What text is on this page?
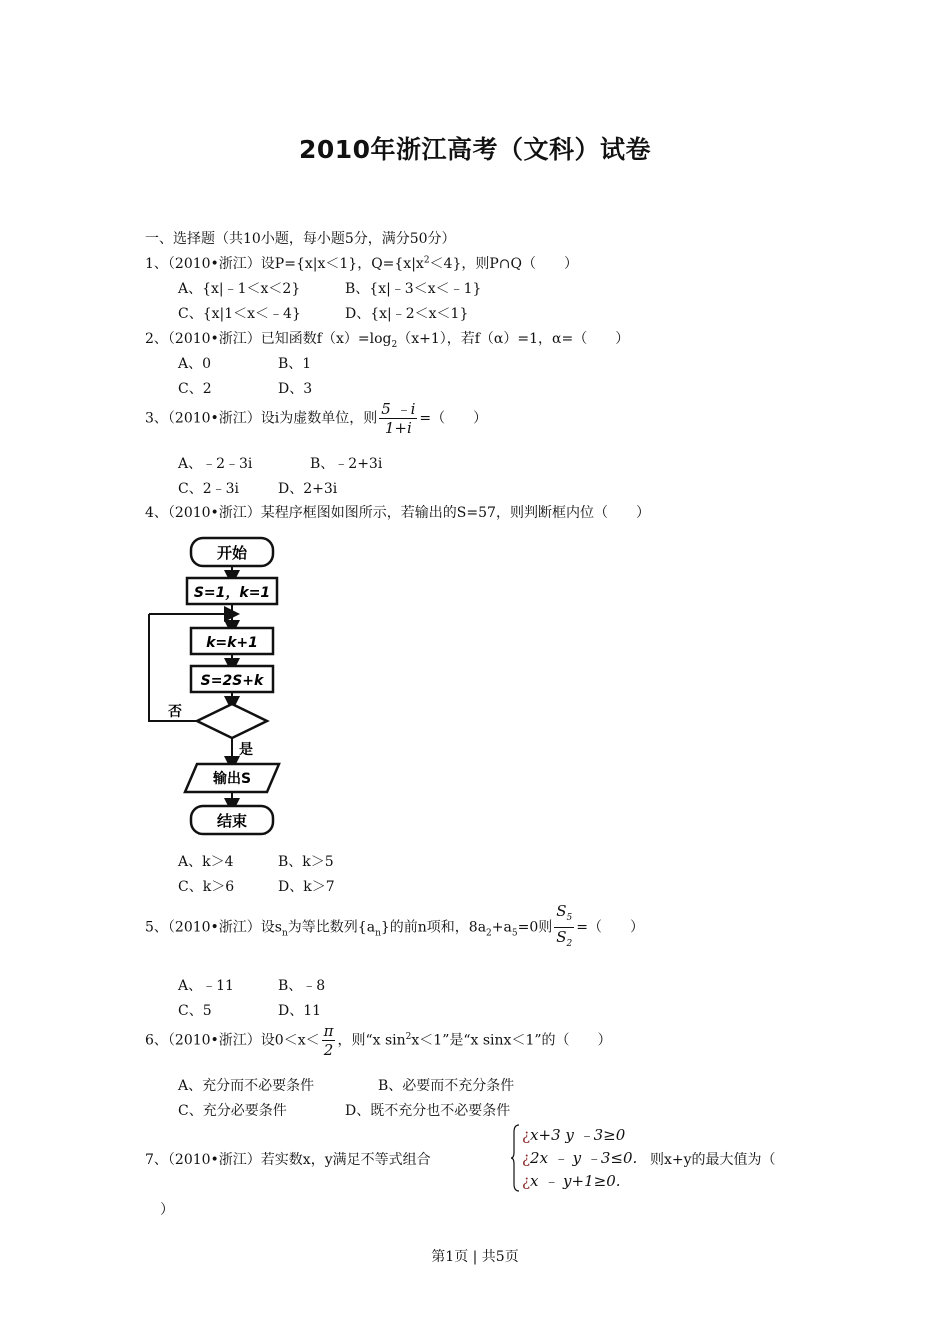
2010年浙江高考（文科）试卷
一、选择题（共10小题，每小题5分，满分50分）
1、（2010•浙江）设P={x|x＜1}，$Q=\{x|x^2<4\}$，则P∩Q（　　）
A、{x|﹣1＜x＜2}	B、{x|﹣3＜x＜﹣1}
C、{x|1＜x＜﹣4}	D、{x|﹣2＜x＜1}
2、（2010•浙江）已知函数$f(x)=\log_2(x+1)$，若f（α）=1，α=（　　）
A、0	B、1
C、2	D、3
3、（2010•浙江）设i为虚数单位，则 $\frac{5 ﹣i}{1+i}$ =（　　）
A、﹣2﹣3i	B、﹣2+3i
C、2﹣3i	D、2+3i
4、（2010•浙江）某程序框图如图所示，若输出的S=57，则判断框内位（　　）
开始
S=1，k=1
k=k+1
S=2S+k
否
是
输出S
结束
A、k＞4	B、k＞5
C、k＞6	D、k＞7
5、（2010•浙江）设$s_n$为等比数列$\{a_n\}$的前n项和，$8a_2+a_5=0$则 $\frac{S_5}{S_2}$ =（　　）
A、﹣11	B、﹣8
C、5	D、11
6、（2010•浙江）设$0<x< \frac{\pi}{2}$ ，则“x $\sin^2x<1$”是“x sinx＜1”的（　　）
A、充分而不必要条件	B、必要而不充分条件
C、充分必要条件	D、既不充分也不必要条件
7、（2010•浙江）若实数x，y满足不等式组合
¿x+3 y ﹣3≥0
¿2x ﹣ y ﹣3≤0.
¿x ﹣ y+1≥0.
则x+y的最大值为（
）
第1页 | 共5页
